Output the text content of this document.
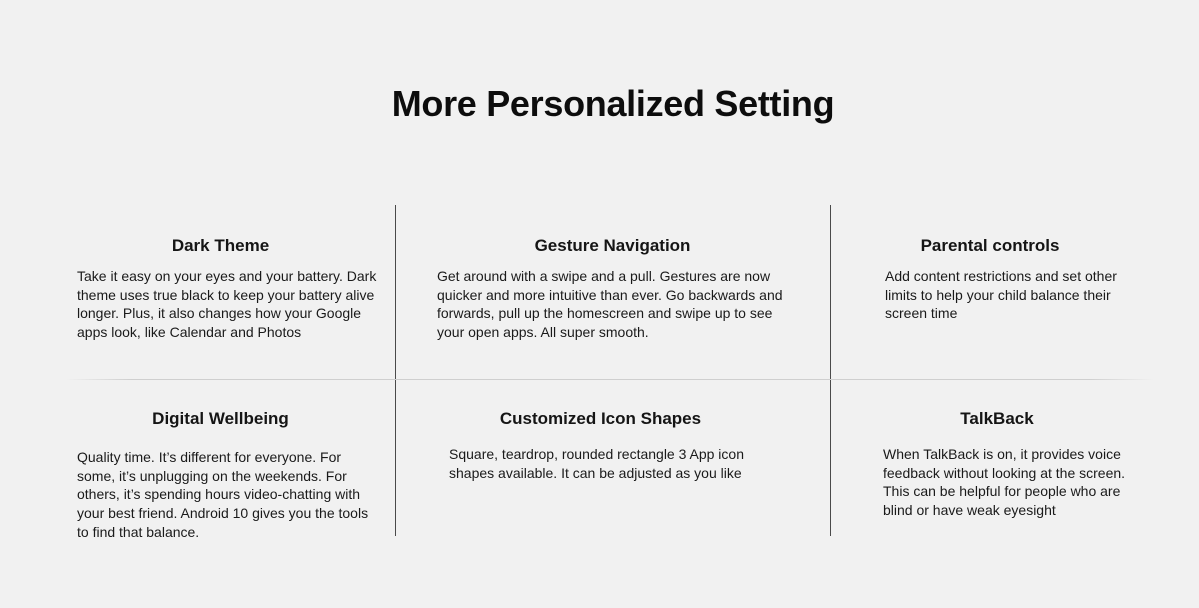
More Personalized Setting
Dark Theme

Take it easy on your eyes and your battery. Dark theme uses true black to keep your battery alive longer. Plus, it also changes how your Google apps look, like Calendar and Photos

Gesture Navigation

Get around with a swipe and a pull. Gestures are now quicker and more intuitive than ever. Go backwards and forwards, pull up the homescreen and swipe up to see your open apps. All super smooth.

Parental controls

Add content restrictions and set other limits to help your child balance their screen time

Digital Wellbeing

Quality time. It’s different for everyone. For some, it’s unplugging on the weekends. For others, it’s spending hours video-chatting with your best friend. Android 10 gives you the tools to find that balance.

Customized Icon Shapes

Square, teardrop, rounded rectangle 3 App icon shapes available. It can be adjusted as you like

TalkBack

When TalkBack is on, it provides voice feedback without looking at the screen. This can be helpful for people who are blind or have weak eyesight
